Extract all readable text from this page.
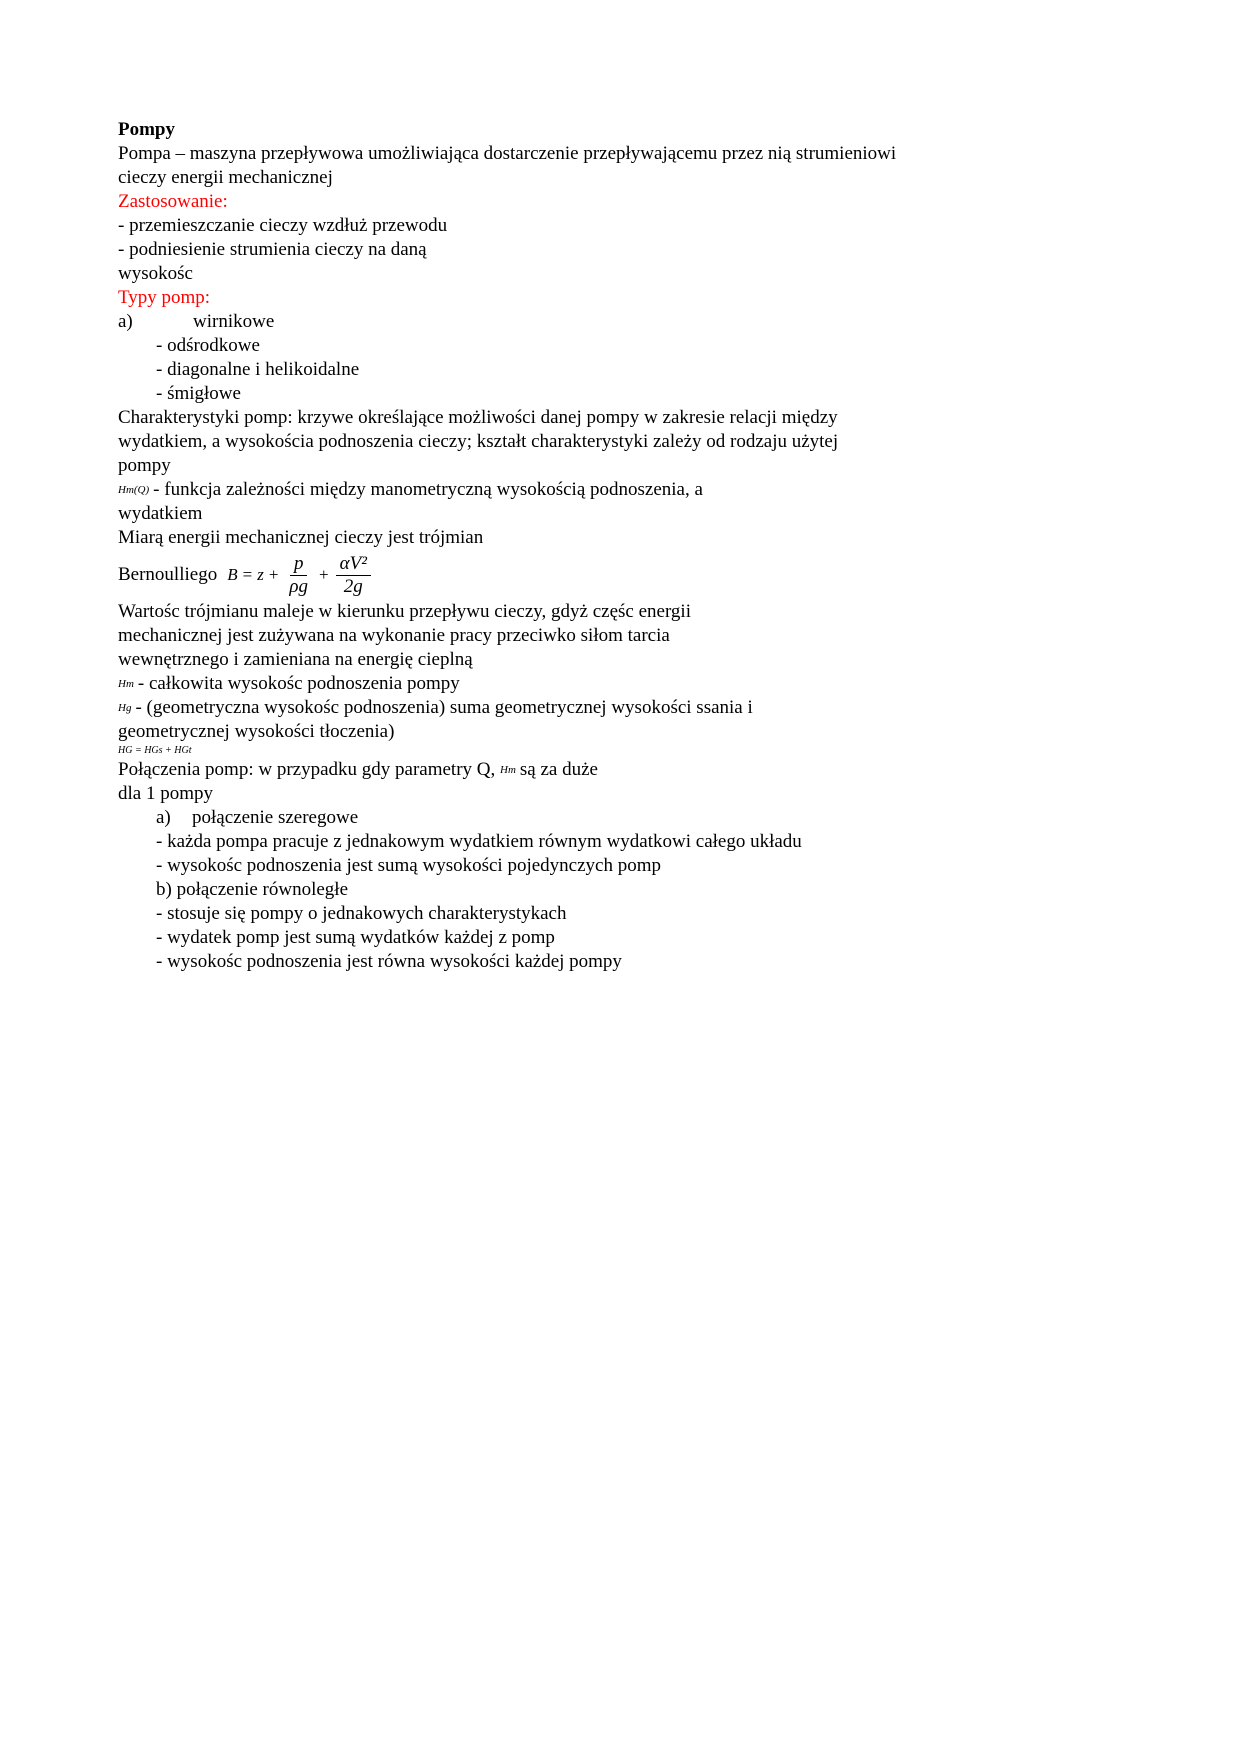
Pompy
Pompa – maszyna przepływowa umożliwiająca dostarczenie przepływającemu przez nią strumieniowi
cieczy energii mechanicznej
Zastosowanie:
- przemieszczanie cieczy wzdłuż przewodu
- podniesienie strumienia cieczy na daną
wysokośc
Typy pomp:
a)	wirnikowe
- odśrodkowe
- diagonalne i helikoidalne
- śmigłowe
Charakterystyki pomp: krzywe określające możliwości danej pompy w zakresie relacji między
wydatkiem, a wysokościa podnoszenia cieczy; kształt charakterystyki zależy od rodzaju użytej
pompy
Hm(Q) - funkcja zależności między manometryczną wysokością podnoszenia, a
wydatkiem
Miarą energii mechanicznej cieczy jest trójmian
Bernoulliego $B = z + \frac{p}{\rho g} + \frac{\text{αV²}}{2g}$
Wartośc trójmianu maleje w kierunku przepływu cieczy, gdyż częśc energii
mechanicznej jest zużywana na wykonanie pracy przeciwko siłom tarcia
wewnętrznego i zamieniana na energię cieplną
Hm - całkowita wysokośc podnoszenia pompy
Hg - (geometryczna wysokośc podnoszenia) suma geometrycznej wysokości ssania i
geometrycznej wysokości tłoczenia)
HG = HGs + HGt
Połączenia pomp: w przypadku gdy parametry Q, Hm są za duże
dla 1 pompy
a)	połączenie szeregowe
- każda pompa pracuje z jednakowym wydatkiem równym wydatkowi całego układu
- wysokośc podnoszenia jest sumą wysokości pojedynczych pomp
b) połączenie równoległe
- stosuje się pompy o jednakowych charakterystykach
- wydatek pomp jest sumą wydatków każdej z pomp
- wysokośc podnoszenia jest równa wysokości każdej pompy
